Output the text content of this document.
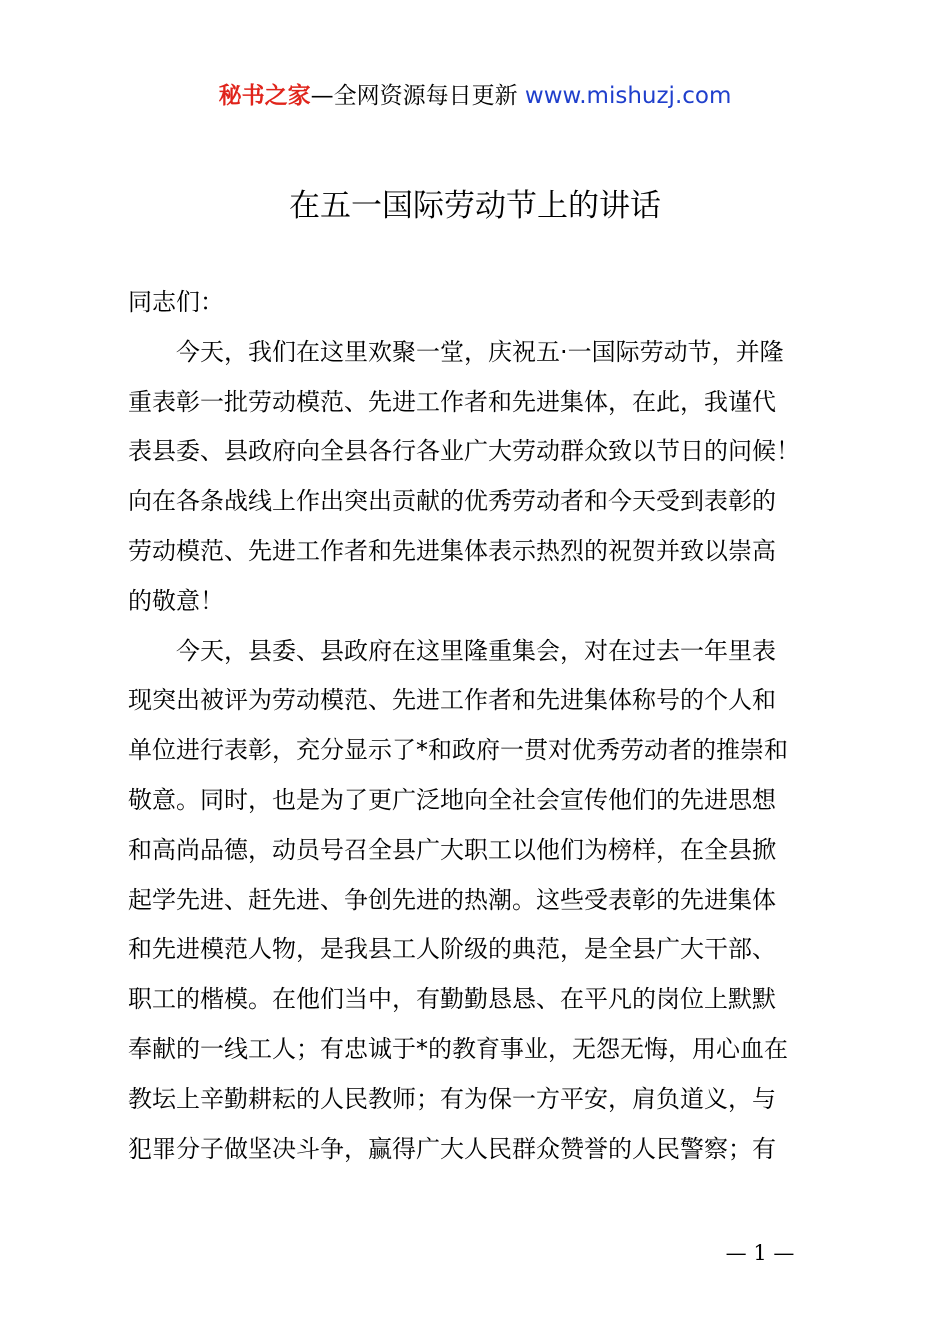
秘书之家—全网资源每日更新 www.mishuzj.com
在五一国际劳动节上的讲话
同志们：
　　今天，我们在这里欢聚一堂，庆祝五·一国际劳动节，并隆
重表彰一批劳动模范、先进工作者和先进集体，在此，我谨代
表县委、县政府向全县各行各业广大劳动群众致以节日的问候！
向在各条战线上作出突出贡献的优秀劳动者和今天受到表彰的
劳动模范、先进工作者和先进集体表示热烈的祝贺并致以崇高
的敬意！
　　今天，县委、县政府在这里隆重集会，对在过去一年里表
现突出被评为劳动模范、先进工作者和先进集体称号的个人和
单位进行表彰，充分显示了*和政府一贯对优秀劳动者的推崇和
敬意。同时，也是为了更广泛地向全社会宣传他们的先进思想
和高尚品德，动员号召全县广大职工以他们为榜样，在全县掀
起学先进、赶先进、争创先进的热潮。这些受表彰的先进集体
和先进模范人物，是我县工人阶级的典范，是全县广大干部、
职工的楷模。在他们当中，有勤勤恳恳、在平凡的岗位上默默
奉献的一线工人；有忠诚于*的教育事业，无怨无悔，用心血在
教坛上辛勤耕耘的人民教师；有为保一方平安，肩负道义，与
犯罪分子做坚决斗争，赢得广大人民群众赞誉的人民警察；有
— 1 —
